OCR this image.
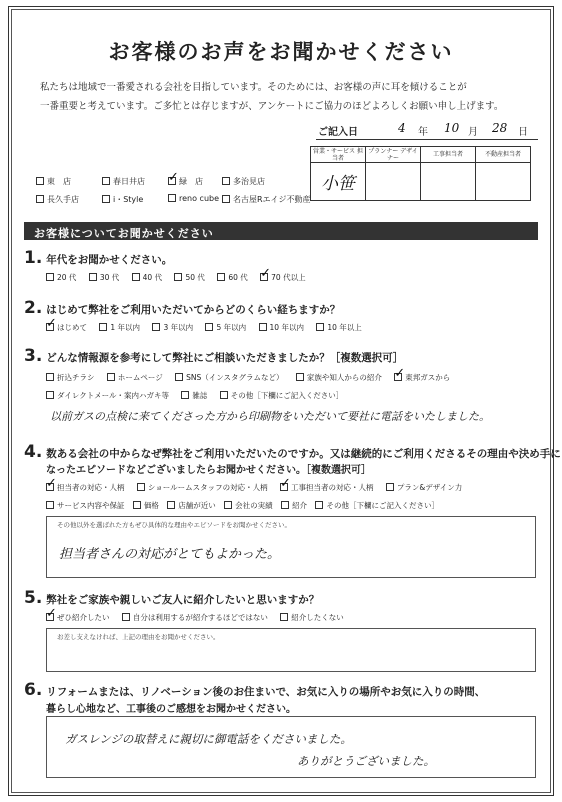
お客様のお声をお聞かせください
私たちは地域で一番愛される会社を目指しています。そのためには、お客様の声に耳を傾けることが
一番重要と考えています。ご多忙とは存じますが、アンケートにご協力のほどよろしくお願い申し上げます。
ご記入日	4 年 10 月 28 日
営業・サービス 担当者	プランナー デザイナー	工事担当者	不動産担当者
小笹			
東　店	春日井店 ✓	緑　店	多治見店
長久手店	i・Style	reno cube	名古屋Rエイジ不動産
お客様についてお聞かせください
1. 年代をお聞かせください。
20 代	30 代	40 代	50 代	60 代 ✓	70 代以上
2. はじめて弊社をご利用いただいてからどのくらい経ちますか？
✓はじめて	1 年以内	3 年以内	5 年以内	10 年以内	10 年以上
3. どんな情報源を参考にして弊社にご相談いただきましたか？［複数選択可］
折込チラシ	ホームページ	SNS（インスタグラムなど）	家族や知人からの紹介 ✓	東邦ガスから
ダイレクトメール・案内ハガキ等	雑誌	その他［下欄にご記入ください］
以前ガスの点検に来てくださった方から印刷物をいただいて要社に電話をいたしました。
4. 数ある会社の中からなぜ弊社をご利用いただいたのですか。又は継続的にご利用くださるその理由や決め手に
なったエピソードなどございましたらお聞かせください。［複数選択可］
✓担当者の対応・人柄	ショールームスタッフの対応・人柄 ✓	工事担当者の対応・人柄	プラン&デザイン力
サービス内容や保証	価格	店舗が近い	会社の実績	紹介	その他［下欄にご記入ください］
その他以外を選ばれた方もぜひ具体的な理由やエピソードをお聞かせください。
担当者さんの対応がとてもよかった。
5. 弊社をご家族や親しいご友人に紹介したいと思いますか？
✓ぜひ紹介したい	自分は利用するが紹介するほどではない	紹介したくない
お差し支えなければ、上記の理由をお聞かせください。
6. リフォームまたは、リノベーション後のお住まいで、お気に入りの場所やお気に入りの時間、
暮らし心地など、工事後のご感想をお聞かせください。
ガスレンジの取替えに親切に御電話をくださいました。
ありがとうございました。
